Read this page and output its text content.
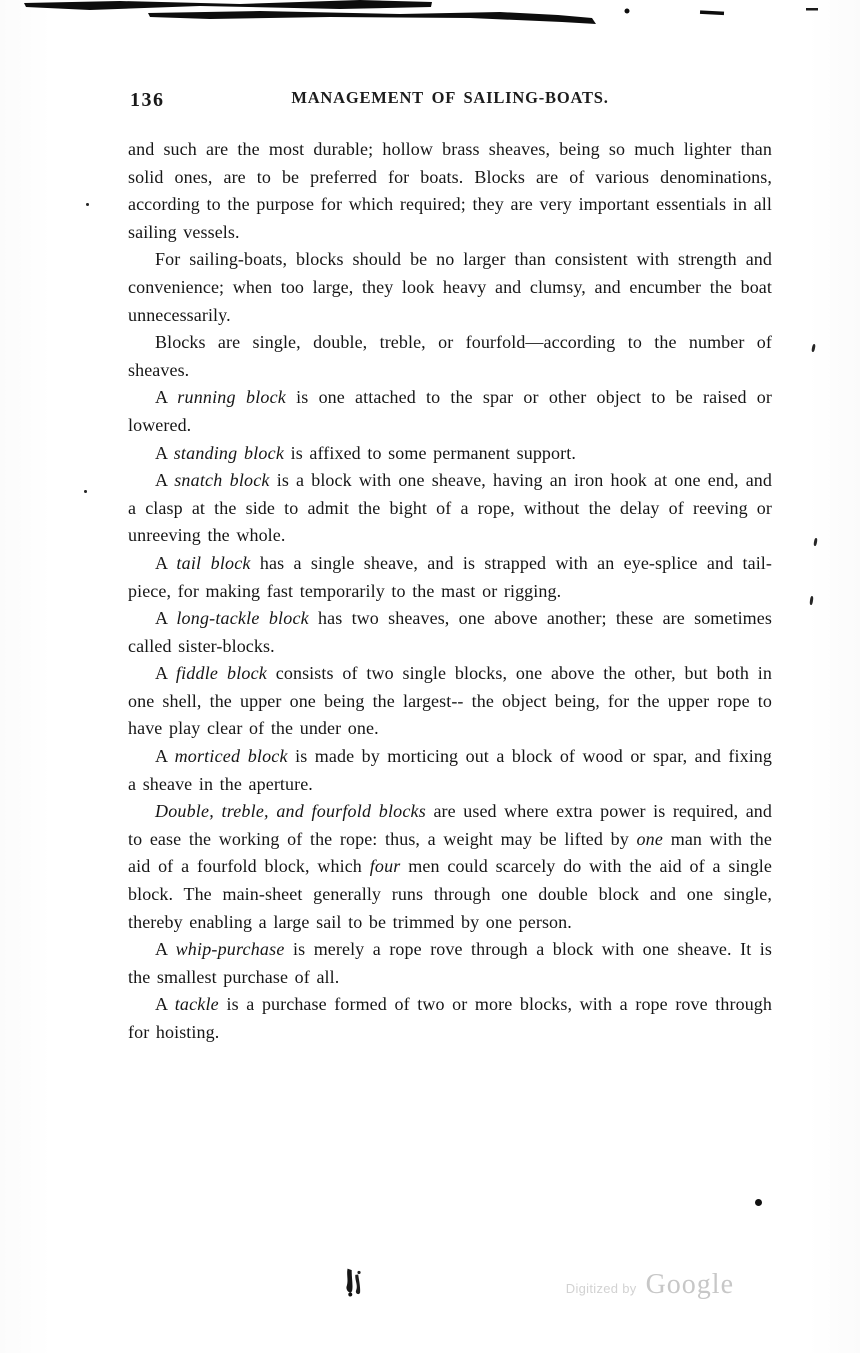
136	MANAGEMENT OF SAILING-BOATS.

and such are the most durable; hollow brass sheaves, being so much lighter than solid ones, are to be preferred for boats. Blocks are of various denominations, according to the purpose for which required; they are very important essentials in all sailing vessels.

For sailing-boats, blocks should be no larger than consistent with strength and convenience; when too large, they look heavy and clumsy, and encumber the boat unnecessarily.

Blocks are single, double, treble, or fourfold—according to the number of sheaves.

A running block is one attached to the spar or other object to be raised or lowered.

A standing block is affixed to some permanent support.

A snatch block is a block with one sheave, having an iron hook at one end, and a clasp at the side to admit the bight of a rope, without the delay of reeving or unreeving the whole.

A tail block has a single sheave, and is strapped with an eye-splice and tail-piece, for making fast temporarily to the mast or rigging.

A long-tackle block has two sheaves, one above another; these are sometimes called sister-blocks.

A fiddle block consists of two single blocks, one above the other, but both in one shell, the upper one being the largest-- the object being, for the upper rope to have play clear of the under one.

A morticed block is made by morticing out a block of wood or spar, and fixing a sheave in the aperture.

Double, treble, and fourfold blocks are used where extra power is required, and to ease the working of the rope: thus, a weight may be lifted by one man with the aid of a fourfold block, which four men could scarcely do with the aid of a single block. The main-sheet generally runs through one double block and one single, thereby enabling a large sail to be trimmed by one person.

A whip-purchase is merely a rope rove through a block with one sheave. It is the smallest purchase of all.

A tackle is a purchase formed of two or more blocks, with a rope rove through for hoisting.

Digitized by Google
